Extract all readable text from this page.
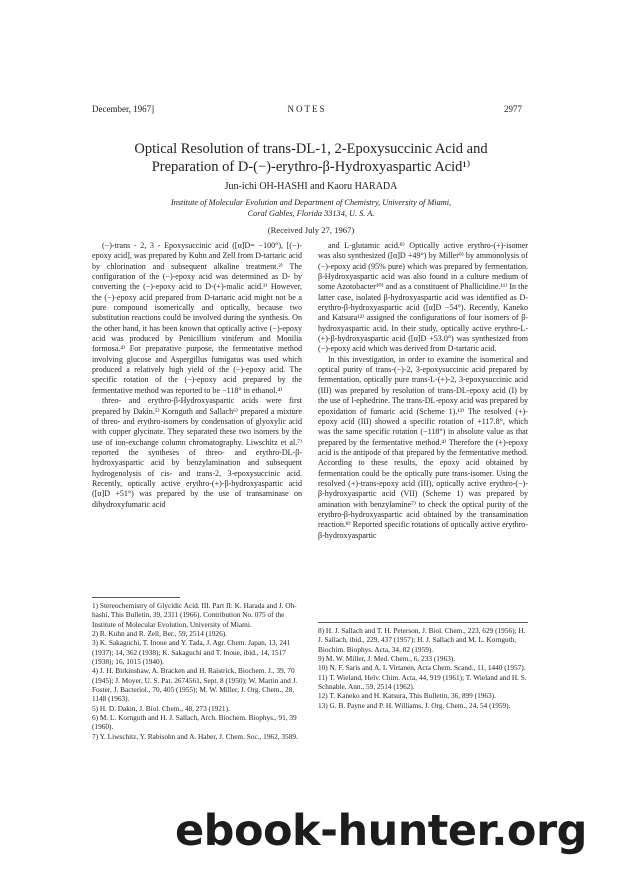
December, 1967]	NOTES	2977
Optical Resolution of trans-DL-1, 2-Epoxysuccinic Acid and
Preparation of D-(−)-erythro-β-Hydroxyaspartic Acid¹⁾
Jun-ichi OH-HASHI and Kaoru HARADA
Institute of Molecular Evolution and Department of Chemistry, University of Miami,
Coral Gables, Florida 33134, U. S. A.
(Received July 27, 1967)

(−)-trans - 2, 3 - Epoxysuccinic acid ([α]D= −100°), [(−)-epoxy acid], was prepared by Kuhn and Zell from D-tartaric acid by chlorination and subsequent alkaline treatment.²⁾ The configuration of the (−)-epoxy acid was determined as D- by converting the (−)-epoxy acid to D-(+)-malic acid.³⁾ However, the (−)-epoxy acid prepared from D-tartaric acid might not be a pure compound isomerically and optically, because two substitution reactions could be involved during the synthesis. On the other hand, it has been known that optically active (−)-epoxy acid was produced by Penicillium viniferum and Monilia formosa.⁴⁾ For preparative purpose, the fermentative method involving glucose and Aspergillus fumigatus was used which produced a relatively high yield of the (−)-epoxy acid. The specific rotation of the (−)-epoxy acid prepared by the fermentative method was reported to be −118° in ethanol.⁴⁾

threo- and erythro-β-Hydroxyaspartic acids were first prepared by Dakin.⁵⁾ Kornguth and Sallach⁶⁾ prepared a mixture of threo- and erythro-isomers by condensation of glyoxylic acid with copper glycinate. They separated these two isomers by the use of ion-exchange column chromatography. Liwschitz et al.⁷⁾ reported the syntheses of threo- and erythro-DL-β-hydroxyaspartic acid by benzylamination and subsequent hydrogenolysis of cis- and trans-2, 3-epoxysuccinic acid. Recently, optically active erythro-(+)-β-hydroxyaspartic acid ([α]D +51°) was prepared by the use of transaminase on dihydroxyfumaric acid

and L-glutamic acid.⁸⁾ Optically active erythro-(+)-isomer was also synthesized ([α]D +49°) by Miller⁹⁾ by ammonolysis of (−)-epoxy acid (95% pure) which was prepared by fermentation. β-Hydroxyaspartic acid was also found in a culture medium of some Azotobacter¹⁰⁾ and as a constituent of Phallicidine.¹¹⁾ In the latter case, isolated β-hydroxyaspartic acid was identified as D-erythro-β-hydroxyaspartic acid ([α]D −54°). Recently, Kaneko and Katsura¹²⁾ assigned the configurations of four isomers of β-hydroxyaspartic acid. In their study, optically active erythro-L-(+)-β-hydroxyaspartic acid ([α]D +53.0°) was synthesized from (−)-epoxy acid which was derived from D-tartaric acid.

In this investigation, in order to examine the isomerical and optical purity of trans-(−)-2, 3-epoxysuccinic acid prepared by fermentation, optically pure trans-L-(+)-2, 3-epoxysuccinic acid (III) was prepared by resolution of trans-DL-epoxy acid (I) by the use of l-ephedrine. The trans-DL-epoxy acid was prepared by epoxidation of fumaric acid (Scheme 1).¹³⁾ The resolved (+)-epoxy acid (III) showed a specific rotation of +117.8°, which was the same specific rotation (−118°) in absolute value as that prepared by the fermentative method.⁴⁾ Therefore the (+)-epoxy acid is the antipode of that prepared by the fermentative method. According to these results, the epoxy acid obtained by fermentation could be the optically pure trans-isomer. Using the resolved (+)-trans-epoxy acid (III), optically active erythro-(−)-β-hydroxyaspartic acid (VII) (Scheme 1) was prepared by amination with benzylamine⁷⁾ to check the optical purity of the erythro-β-hydroxyaspartic acid obtained by the transamination reaction.⁸⁾ Reported specific rotations of optically active erythro-β-hydroxyaspartic

1) Stereochemistry of Glycidic Acid. III. Part II: K. Harada and J. Oh-hashi, This Bulletin, 39, 2311 (1966). Contribution No. 075 of the Institute of Molecular Evolution, University of Miami.
2) R. Kuhn and R. Zell, Ber., 59, 2514 (1926).
3) K. Sakaguchi, T. Inoue and Y. Tada, J. Agr. Chem. Japan, 13, 241 (1937); 14, 362 (1938); K. Sakaguchi and T. Inoue, ibid., 14, 1517 (1938); 16, 1015 (1940).
4) J. H. Birkinshaw, A. Bracken and H. Raistrick, Biochem. J., 39, 70 (1945); J. Moyer, U. S. Pat. 2674561, Sept. 8 (1950); W. Martin and J. Foster, J. Bacteriol., 70, 405 (1955); M. W. Miller, J. Org. Chem., 28, 1148 (1963).
5) H. D. Dakin, J. Biol. Chem., 48, 273 (1921).
6) M. L. Kornguth and H. J. Sallach, Arch. Biochem. Biophys., 91, 39 (1960).
7) Y. Liwschitz, Y. Rabisohn and A. Haber, J. Chem. Soc., 1962, 3589.
8) H. J. Sallach and T. H. Peterson, J. Biol. Chem., 223, 629 (1956); H. J. Sallach, ibid., 229, 437 (1957); H. J. Sallach and M. L. Kornguth, Biochim. Biophys. Acta, 34, 82 (1959).
9) M. W. Miller, J. Med. Chem., 6, 233 (1963).
10) N. F. Saris and A. I. Virtanen, Acta Chem. Scand., 11, 1440 (1957).
11) T. Wieland, Helv. Chim. Acta, 44, 919 (1961); T. Wieland and H. S. Schnable, Ann., 59, 2514 (1962).
12) T. Kaneko and H. Katsura, This Bulletin, 36, 899 (1963).
13) G. B. Payne and P. H. Williams, J. Org. Chem., 24, 54 (1959).
ebook-hunter.org
